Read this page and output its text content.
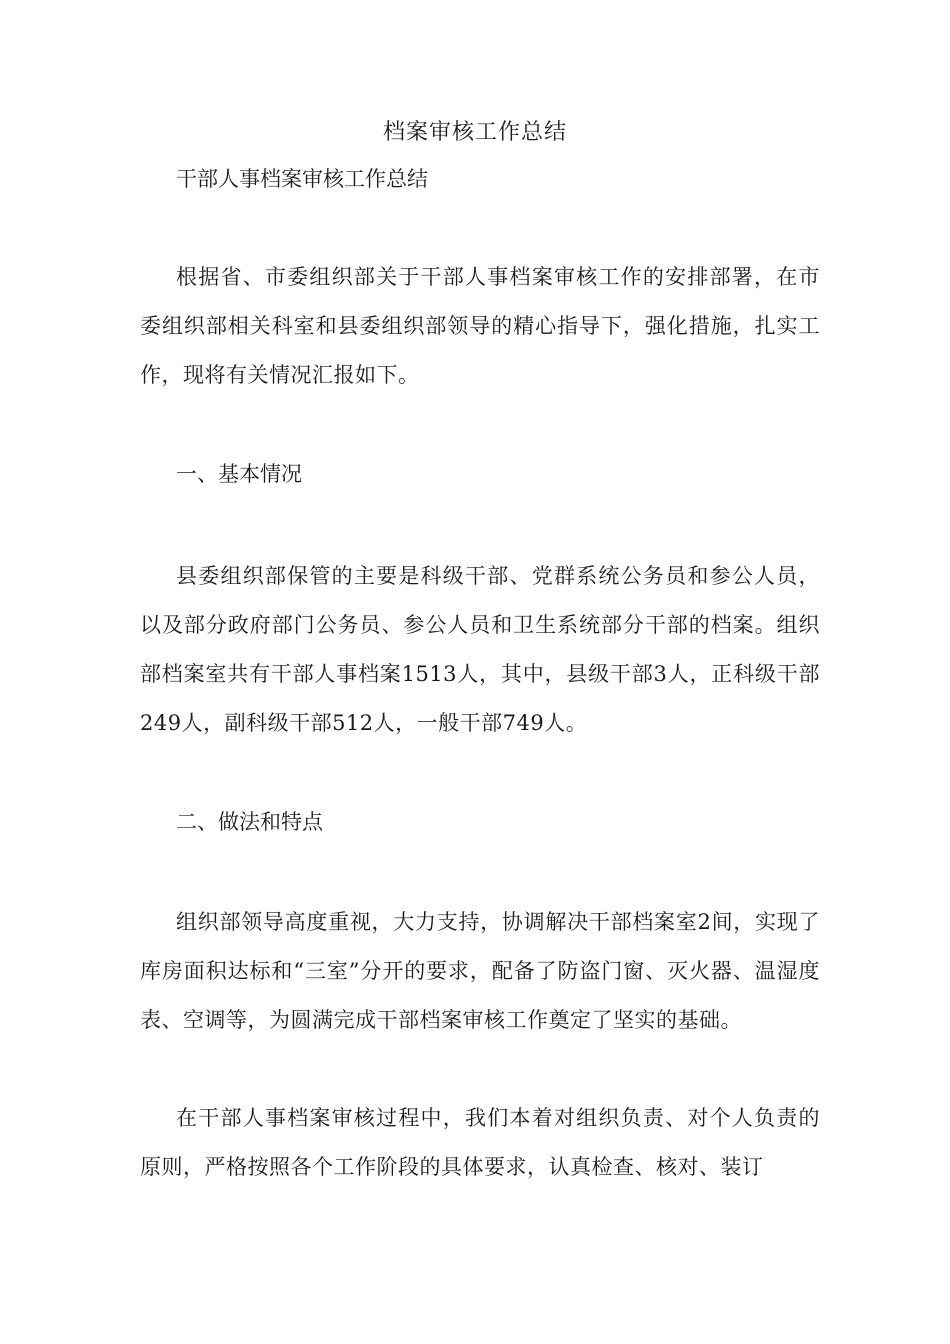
档案审核工作总结
干部人事档案审核工作总结

根据省、市委组织部关于干部人事档案审核工作的安排部署，在市委组织部相关科室和县委组织部领导的精心指导下，强化措施，扎实工作，现将有关情况汇报如下。

一、基本情况

县委组织部保管的主要是科级干部、党群系统公务员和参公人员，以及部分政府部门公务员、参公人员和卫生系统部分干部的档案。组织部档案室共有干部人事档案1513人，其中，县级干部3人，正科级干部249人，副科级干部512人，一般干部749人。

二、做法和特点

组织部领导高度重视，大力支持，协调解决干部档案室2间，实现了库房面积达标和“三室”分开的要求，配备了防盗门窗、灭火器、温湿度表、空调等，为圆满完成干部档案审核工作奠定了坚实的基础。

在干部人事档案审核过程中，我们本着对组织负责、对个人负责的原则，严格按照各个工作阶段的具体要求，认真检查、核对、装订
